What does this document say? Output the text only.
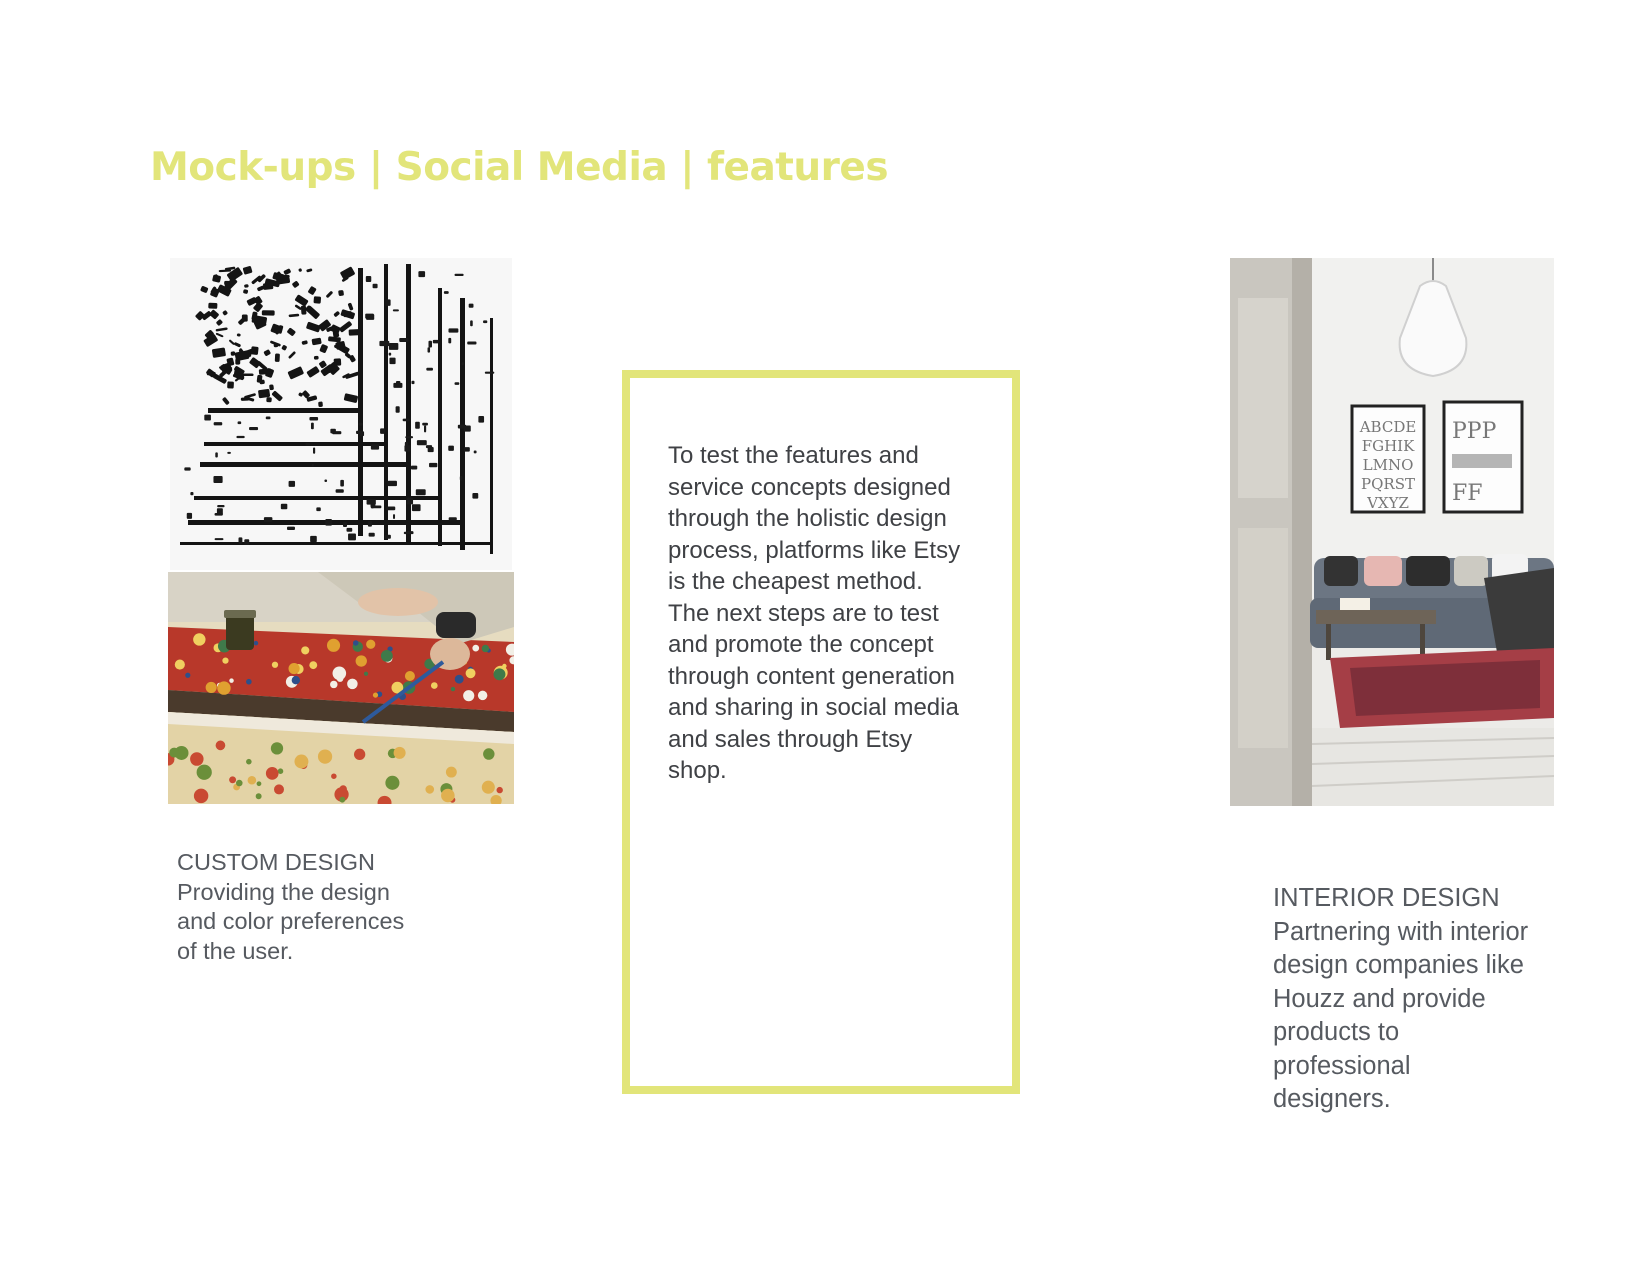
Mock-ups | Social Media | features
CUSTOM DESIGN
Providing the design
and color preferences
of the user.
To test the features and
service concepts designed
through the holistic design
process, platforms like Etsy
is the cheapest method.
The next steps are to test
and promote the concept
through content generation
and sharing in social media
and sales through Etsy
shop.
ABCDE
FGHIK
LMNO
PQRST
VXYZ
PPP
FF
INTERIOR DESIGN
Partnering with interior
design companies like
Houzz and provide
products to
professional
designers.
